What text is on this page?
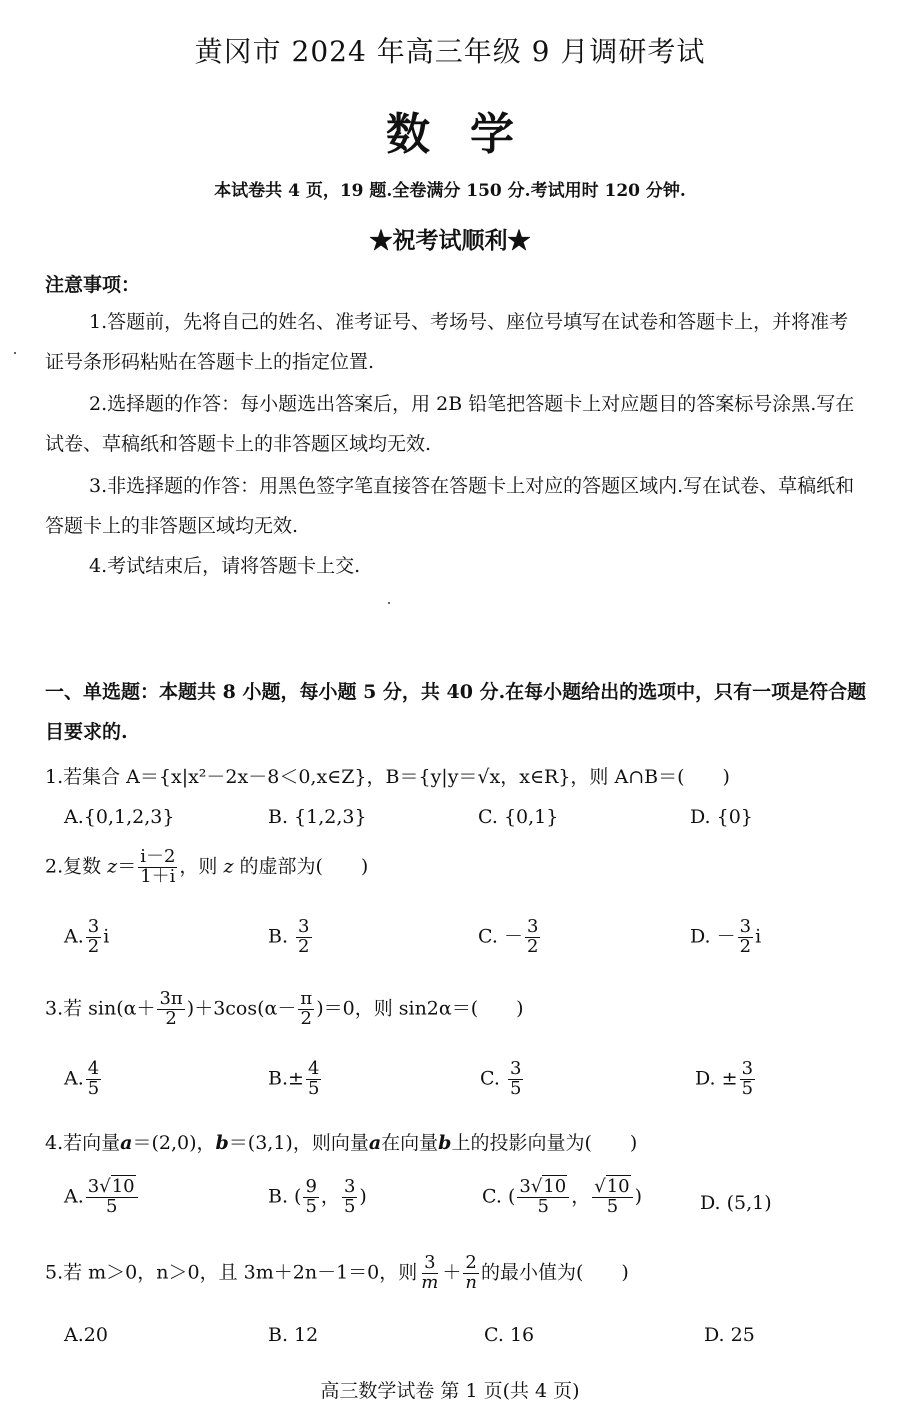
黄冈市 2024 年高三年级 9 月调研考试
数学
本试卷共 4 页，19 题.全卷满分 150 分.考试用时 120 分钟.
★祝考试顺利★
注意事项：
1.答题前，先将自己的姓名、准考证号、考场号、座位号填写在试卷和答题卡上，并将准考证号条形码粘贴在答题卡上的指定位置.
2.选择题的作答：每小题选出答案后，用 2B 铅笔把答题卡上对应题目的答案标号涂黑.写在试卷、草稿纸和答题卡上的非答题区域均无效.
3.非选择题的作答：用黑色签字笔直接答在答题卡上对应的答题区域内.写在试卷、草稿纸和答题卡上的非答题区域均无效.
4.考试结束后，请将答题卡上交.
一、单选题：本题共 8 小题，每小题 5 分，共 40 分.在每小题给出的选项中，只有一项是符合题目要求的.
1.若集合 A＝{x|x²－2x－8＜0,x∈Z}，B＝{y|y＝√x，x∈R}，则 A∩B＝(　　)
A.{0,1,2,3}	B. {1,2,3}	C. {0,1}	D. {0}
2.复数 $z= \frac{i-2}{1+i}$ ，则 z 的虚部为(　　)
A. $\frac{3}{2}$ i	B. $\frac{3}{2}$	C. － $\frac{3}{2}$	D. － $\frac{3}{2}$ i
3.若 $\sin(\alpha+ \frac{3\pi}{2} )+3\cos(\alpha- \frac{\pi}{2} )=0$，则 sin2α＝(　　)
A. $\frac{4}{5}$	$B.\pm \frac{4}{5}$	C. $\frac{3}{5}$	D. ± $\frac{3}{5}$
4.若向量a＝(2,0)，b＝(3,1)，则向量a在向量b上的投影向量为(　　)
A. $\frac{3√10}{5}$	B. ( $\frac{9}{5}$ ， $\frac{3}{5}$ )	C. ( $\frac{3√10}{5}$ ， $\frac{√10}{5}$ )	D. (5,1)
5.若 m＞0，n＞0，且 3m＋2n－1＝0，则 $\frac{3}{m} + \frac{2}{n}$ 的最小值为(　　)
A.20	B. 12	C. 16	D. 25
高三数学试卷 第 1 页(共 4 页)
